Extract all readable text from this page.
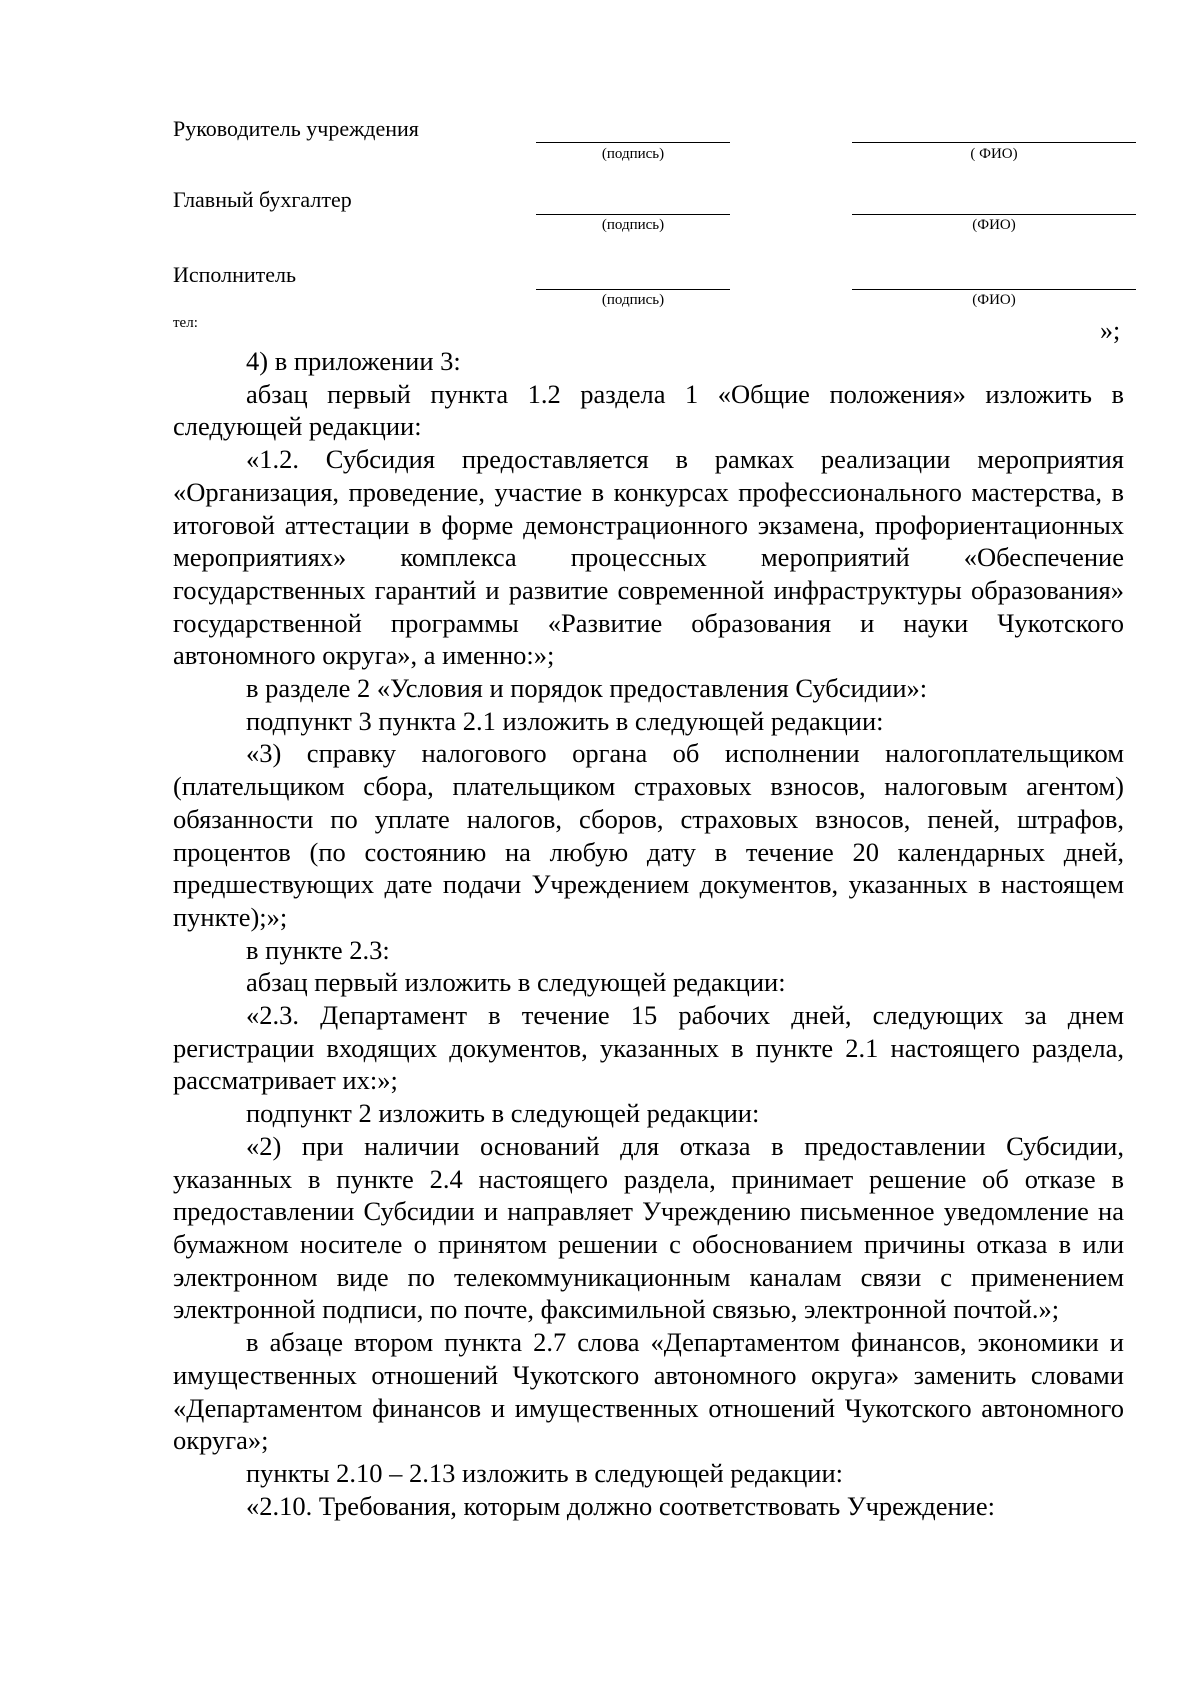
Руководитель учреждения
(подпись)	( ФИО)
Главный бухгалтер
(подпись)	(ФИО)
Исполнитель
(подпись)	(ФИО)
тел:	»;

4) в приложении 3:

абзац первый пункта 1.2 раздела 1 «Общие положения» изложить в следующей редакции:

«1.2. Субсидия предоставляется в рамках реализации мероприятия «Организация, проведение, участие в конкурсах профессионального мастерства, в итоговой аттестации в форме демонстрационного экзамена, профориентационных мероприятиях» комплекса процессных мероприятий «Обеспечение государственных гарантий и развитие современной инфраструктуры образования» государственной программы «Развитие образования и науки Чукотского автономного округа», а именно:»;

в разделе 2 «Условия и порядок предоставления Субсидии»:

подпункт 3 пункта 2.1 изложить в следующей редакции:

«3) справку налогового органа об исполнении налогоплательщиком (плательщиком сбора, плательщиком страховых взносов, налоговым агентом) обязанности по уплате налогов, сборов, страховых взносов, пеней, штрафов, процентов (по состоянию на любую дату в течение 20 календарных дней, предшествующих дате подачи Учреждением документов, указанных в настоящем пункте);»;

в пункте 2.3:

абзац первый изложить в следующей редакции:

«2.3. Департамент в течение 15 рабочих дней, следующих за днем регистрации входящих документов, указанных в пункте 2.1 настоящего раздела, рассматривает их:»;

подпункт 2 изложить в следующей редакции:

«2) при наличии оснований для отказа в предоставлении Субсидии, указанных в пункте 2.4 настоящего раздела, принимает решение об отказе в предоставлении Субсидии и направляет Учреждению письменное уведомление на бумажном носителе о принятом решении с обоснованием причины отказа в или электронном виде по телекоммуникационным каналам связи с применением электронной подписи, по почте, факсимильной связью, электронной почтой.»;

в абзаце втором пункта 2.7 слова «Департаментом финансов, экономики и имущественных отношений Чукотского автономного округа» заменить словами «Департаментом финансов и имущественных отношений Чукотского автономного округа»;

пункты 2.10 – 2.13 изложить в следующей редакции:

«2.10. Требования, которым должно соответствовать Учреждение:
